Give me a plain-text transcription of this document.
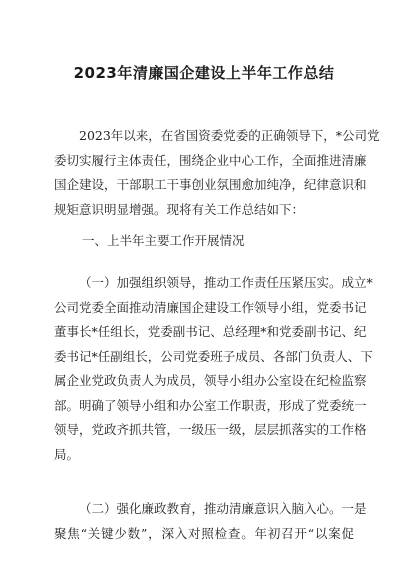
2023年清廉国企建设上半年工作总结
2023年以来，在省国资委党委的正确领导下，*公司党
委切实履行主体责任，围绕企业中心工作，全面推进清廉
国企建设，干部职工干事创业氛围愈加纯净，纪律意识和
规矩意识明显增强。现将有关工作总结如下：
一、上半年主要工作开展情况
（一）加强组织领导，推动工作责任压紧压实。成立*
公司党委全面推动清廉国企建设工作领导小组，党委书记
董事长*任组长，党委副书记、总经理*和党委副书记、纪
委书记*任副组长，公司党委班子成员、各部门负责人、下
属企业党政负责人为成员，领导小组办公室设在纪检监察
部。明确了领导小组和办公室工作职责，形成了党委统一
领导，党政齐抓共管，一级压一级，层层抓落实的工作格
局。
（二）强化廉政教育，推动清廉意识入脑入心。一是
聚焦“关键少数”，深入对照检查。年初召开“以案促
